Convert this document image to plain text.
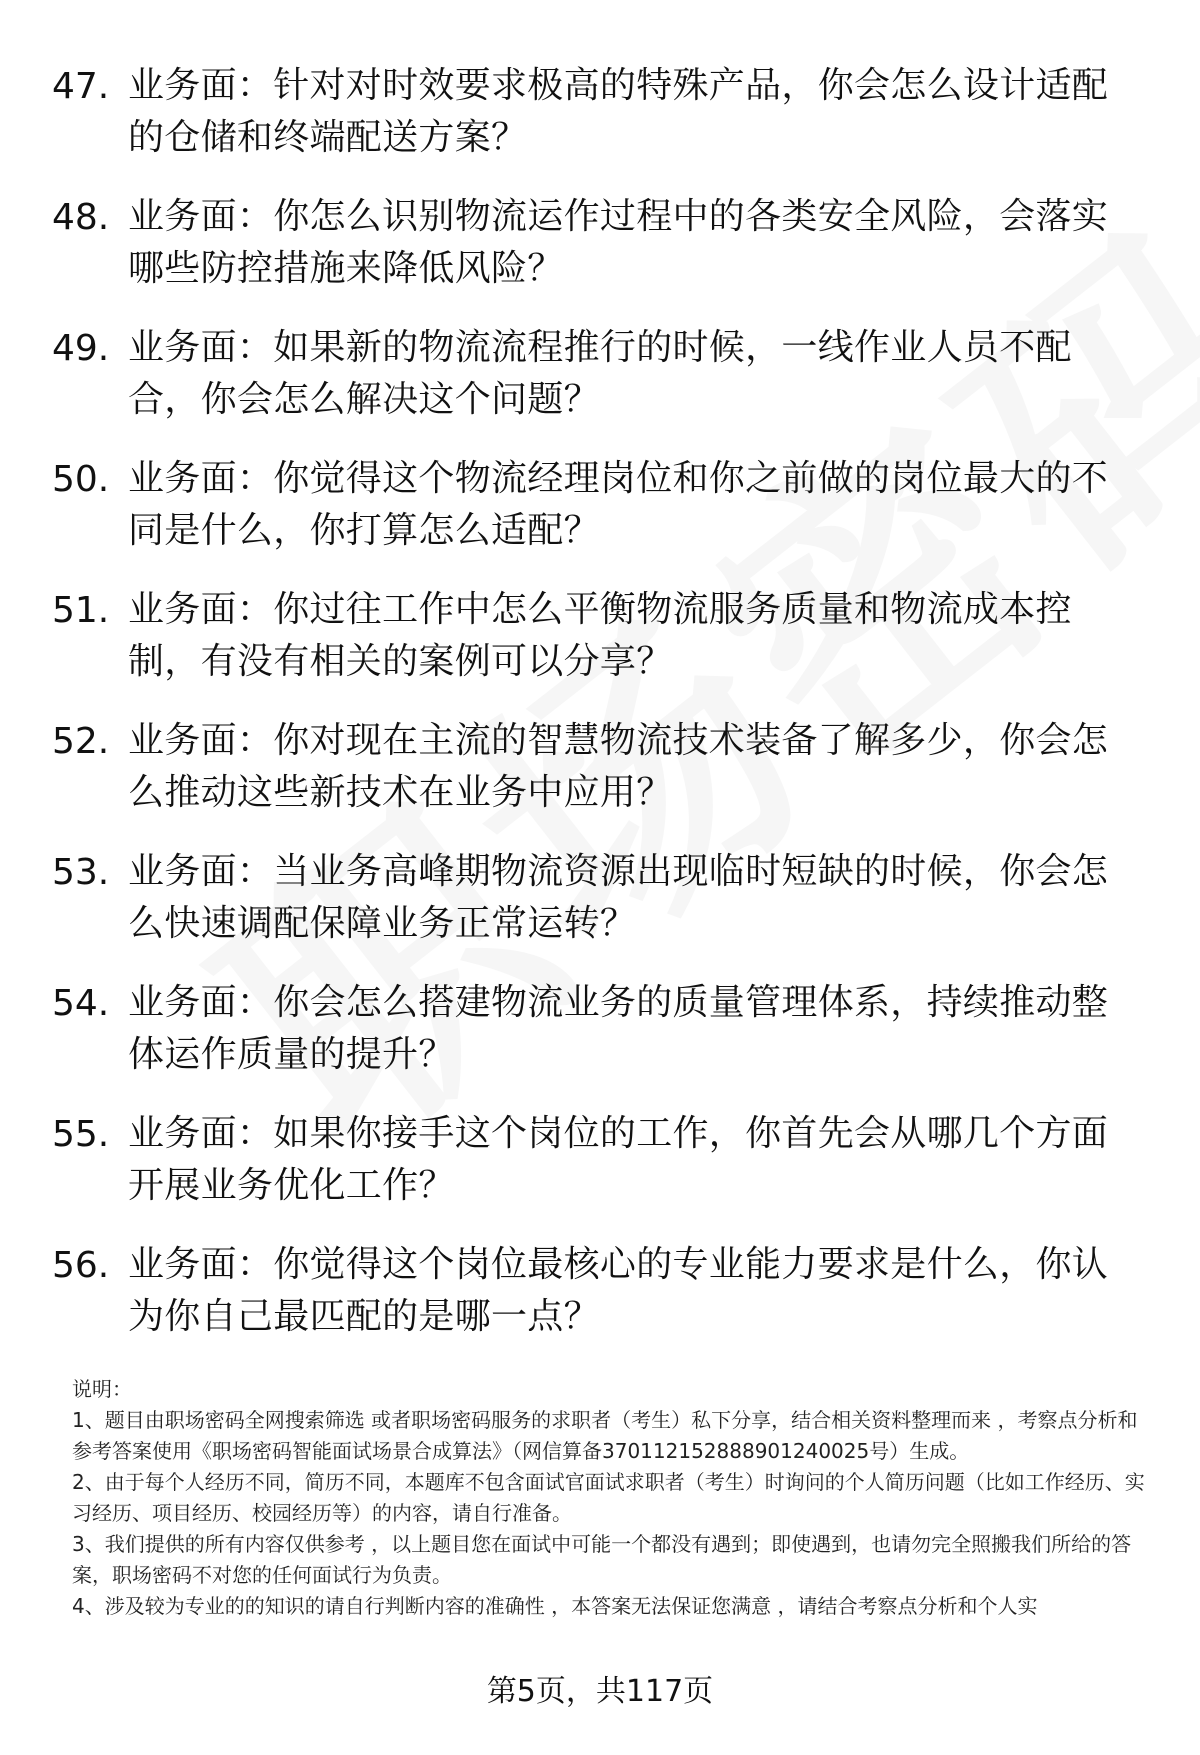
47. 业务面：针对对时效要求极高的特殊产品，你会怎么设计适配的仓储和终端配送方案？
48. 业务面：你怎么识别物流运作过程中的各类安全风险，会落实哪些防控措施来降低风险？
49. 业务面：如果新的物流流程推行的时候，一线作业人员不配合，你会怎么解决这个问题？
50. 业务面：你觉得这个物流经理岗位和你之前做的岗位最大的不同是什么，你打算怎么适配？
51. 业务面：你过往工作中怎么平衡物流服务质量和物流成本控制，有没有相关的案例可以分享？
52. 业务面：你对现在主流的智慧物流技术装备了解多少，你会怎么推动这些新技术在业务中应用？
53. 业务面：当业务高峰期物流资源出现临时短缺的时候，你会怎么快速调配保障业务正常运转？
54. 业务面：你会怎么搭建物流业务的质量管理体系，持续推动整体运作质量的提升？
55. 业务面：如果你接手这个岗位的工作，你首先会从哪几个方面开展业务优化工作？
56. 业务面：你觉得这个岗位最核心的专业能力要求是什么，你认为你自己最匹配的是哪一点？

说明：

1、题目由职场密码全网搜索筛选 或者职场密码服务的求职者（考生）私下分享，结合相关资料整理而来 ，考察点分析和参考答案使用《职场密码智能面试场景合成算法》（网信算备370112152888901240025号）生成。

2、由于每个人经历不同，简历不同，本题库不包含面试官面试求职者（考生）时询问的个人简历问题（比如工作经历、实习经历、项目经历、校园经历等）的内容，请自行准备。

3、我们提供的所有内容仅供参考 ，以上题目您在面试中可能一个都没有遇到；即使遇到，也请勿完全照搬我们所给的答案，职场密码不对您的任何面试行为负责。

4、涉及较为专业的的知识的请自行判断内容的准确性 ，本答案无法保证您满意 ，请结合考察点分析和个人实

第5页，共117页
